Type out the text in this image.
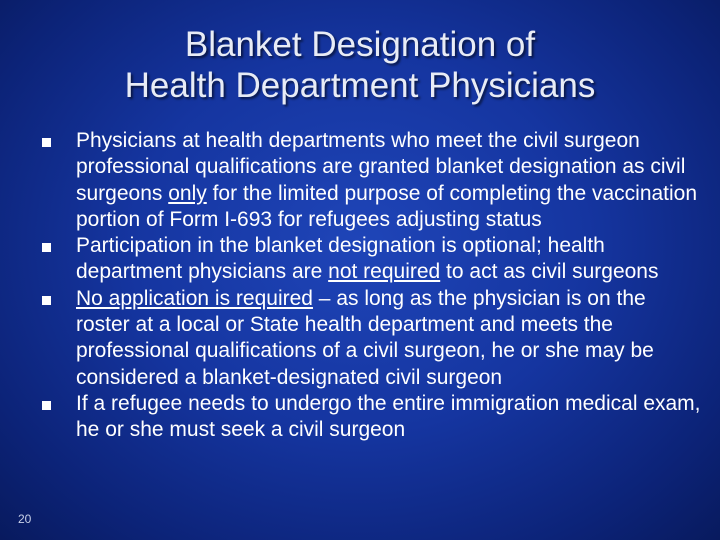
Blanket Designation of
Health Department Physicians
Physicians at health departments who meet the civil surgeon professional qualifications are granted blanket designation as civil surgeons only for the limited purpose of completing the vaccination portion of Form I-693 for refugees adjusting status
Participation in the blanket designation is optional; health department physicians are not required to act as civil surgeons
No application is required – as long as the physician is on the roster at a local or State health department and meets the professional qualifications of a civil surgeon, he or she may be considered a blanket-designated civil surgeon
If a refugee needs to undergo the entire immigration medical exam, he or she must seek a civil surgeon
20
